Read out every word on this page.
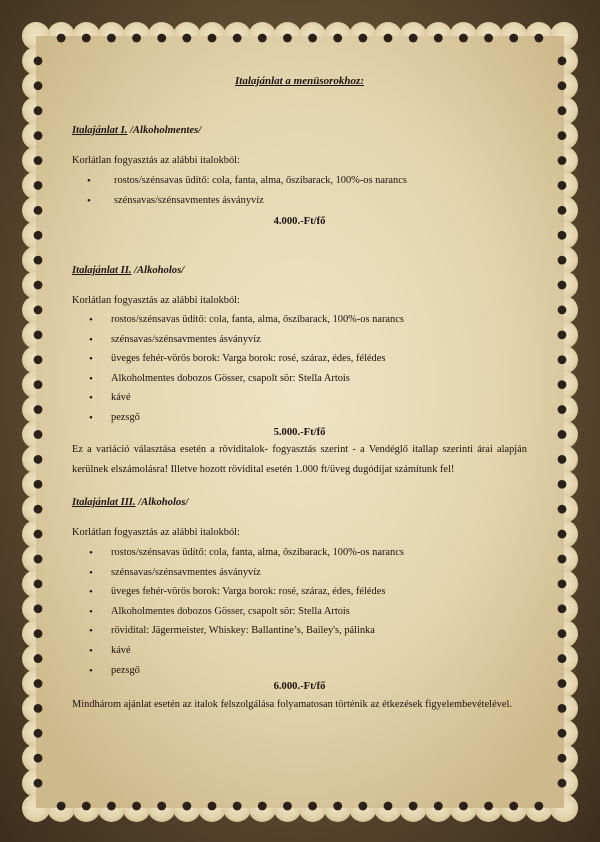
Italajánlat a menüsorokhoz:
Italajánlat I. /Alkoholmentes/
Korlátlan fogyasztás az alábbi italokból:
• rostos/szénsavas üdítő: cola, fanta, alma, őszibarack, 100%-os narancs
• szénsavas/szénsavmentes ásványvíz
4.000.-Ft/fő
Italajánlat II. /Alkoholos/
Korlátlan fogyasztás az alábbi italokból:
• rostos/szénsavas üdítő: cola, fanta, alma, őszibarack, 100%-os narancs
• szénsavas/szénsavmentes ásványvíz
• üveges fehér-vörös borok: Varga borok: rosé, száraz, édes, félédes
• Alkoholmentes dobozos Gösser, csapolt sör: Stella Artois
• kávé
• pezsgő
5.000.-Ft/fő
Ez a variáció választása esetén a röviditalok- fogyasztás szerint - a Vendéglő itallap szerinti árai alapján kerülnek elszámolásra! Illetve hozott rövidital esetén 1.000 ft/üveg dugódíjat számítunk fel!
Italajánlat III. /Alkoholos/
Korlátlan fogyasztás az alábbi italokból:
• rostos/szénsavas üdítő: cola, fanta, alma, őszibarack, 100%-os narancs
• szénsavas/szénsavmentes ásványvíz
• üveges fehér-vörös borok: Varga borok: rosé, száraz, édes, félédes
• Alkoholmentes dobozos Gösser, csapolt sör: Stella Artois
• rövidital: Jägermeister, Whiskey: Ballantine’s, Bailey's, pálinka
• kávé
• pezsgő
6.000.-Ft/fő
Mindhárom ajánlat esetén az italok felszolgálása folyamatosan történik az étkezések figyelembevételével.
